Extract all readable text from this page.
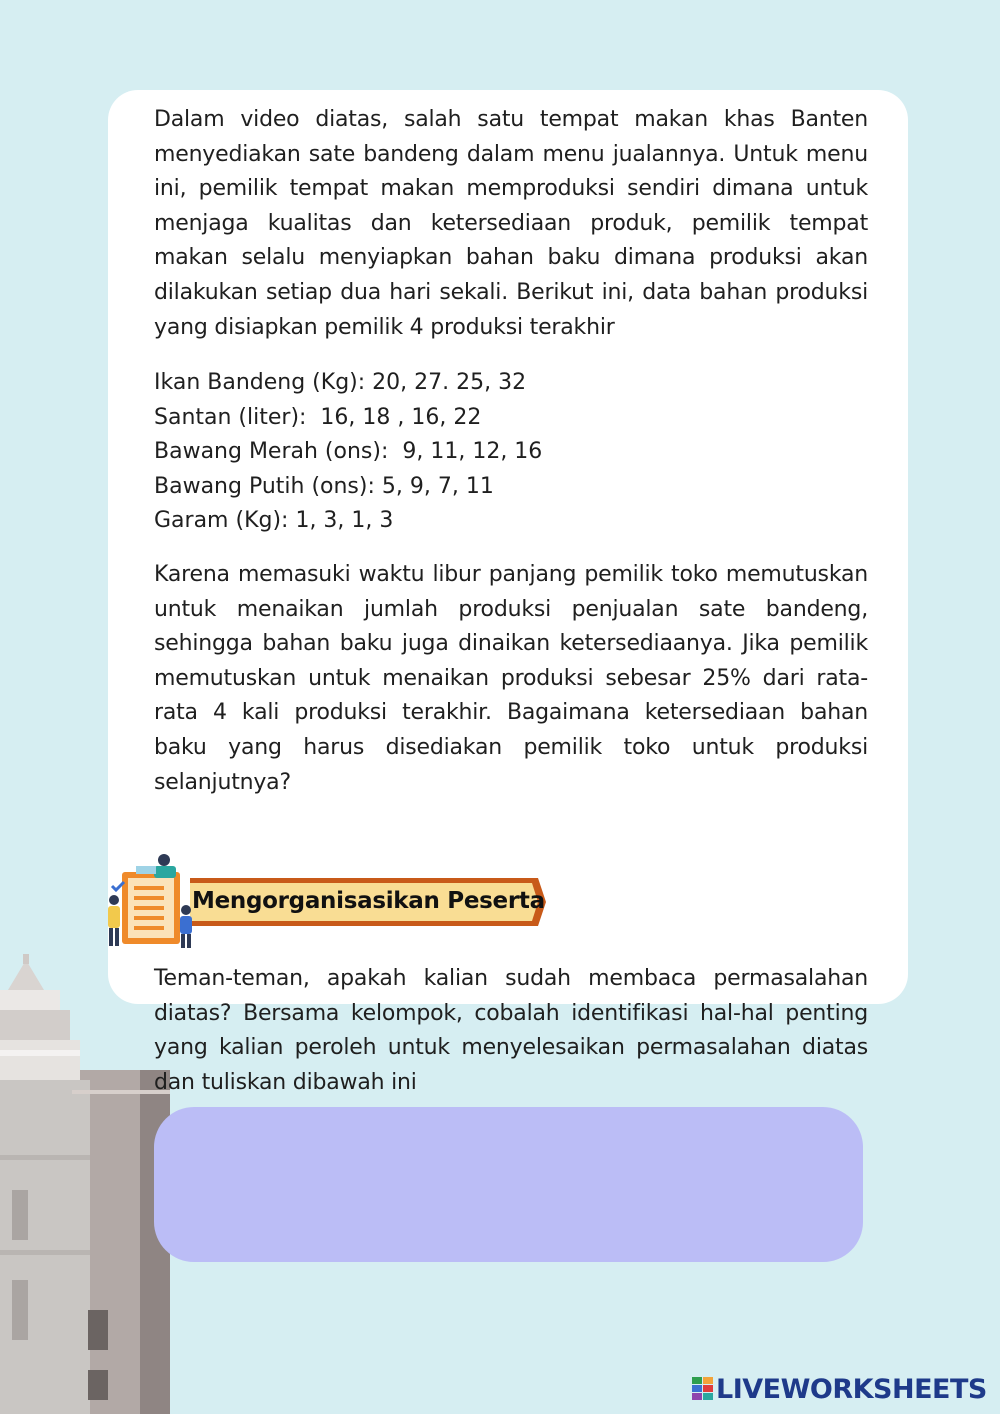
Dalam video diatas, salah satu tempat makan khas Banten menyediakan sate bandeng dalam menu jualannya. Untuk menu ini, pemilik tempat makan memproduksi sendiri dimana untuk menjaga kualitas dan ketersediaan produk, pemilik tempat makan selalu menyiapkan bahan baku dimana produksi akan dilakukan setiap dua hari sekali. Berikut ini, data bahan produksi yang disiapkan pemilik 4 produksi terakhir

Ikan Bandeng (Kg): 20, 27. 25, 32
Santan (liter):  16, 18 , 16, 22
Bawang Merah (ons):  9, 11, 12, 16
Bawang Putih (ons): 5, 9, 7, 11
Garam (Kg): 1, 3, 1, 3

Karena memasuki waktu libur panjang pemilik toko memutuskan untuk menaikan jumlah produksi penjualan sate bandeng, sehingga bahan baku juga dinaikan ketersediaanya. Jika pemilik memutuskan untuk menaikan produksi sebesar 25% dari rata-rata 4 kali produksi terakhir. Bagaimana ketersediaan bahan baku yang harus disediakan pemilik toko untuk produksi selanjutnya?

Mengorganisasikan Peserta

Teman-teman, apakah kalian sudah membaca permasalahan diatas? Bersama kelompok, cobalah identifikasi hal-hal penting yang kalian peroleh untuk menyelesaikan permasalahan diatas dan tuliskan dibawah ini

LIVEWORKSHEETS
